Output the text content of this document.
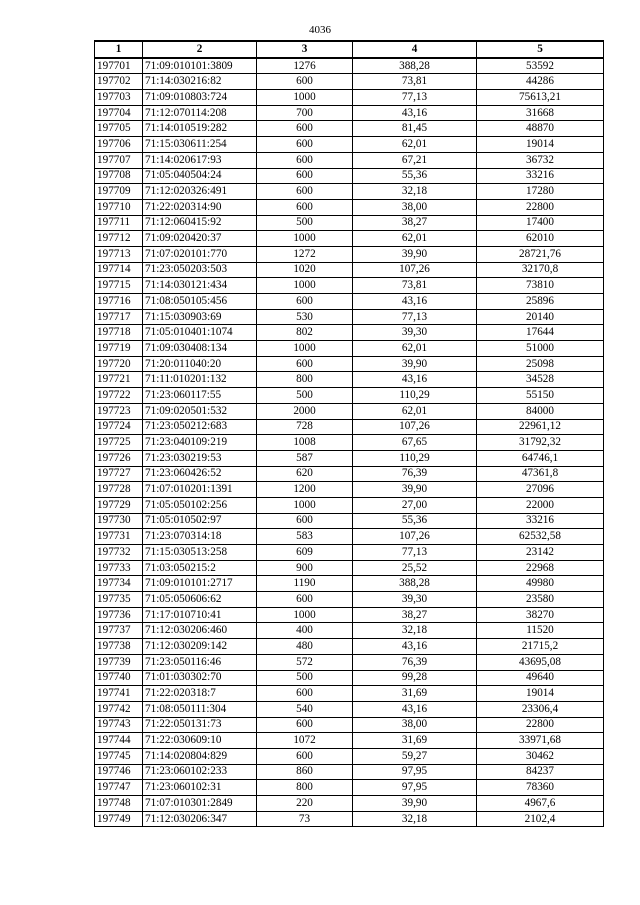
4036
1	2	3	4	5
197701	71:09:010101:3809	1276	388,28	53592
197702	71:14:030216:82	600	73,81	44286
197703	71:09:010803:724	1000	77,13	75613,21
197704	71:12:070114:208	700	43,16	31668
197705	71:14:010519:282	600	81,45	48870
197706	71:15:030611:254	600	62,01	19014
197707	71:14:020617:93	600	67,21	36732
197708	71:05:040504:24	600	55,36	33216
197709	71:12:020326:491	600	32,18	17280
197710	71:22:020314:90	600	38,00	22800
197711	71:12:060415:92	500	38,27	17400
197712	71:09:020420:37	1000	62,01	62010
197713	71:07:020101:770	1272	39,90	28721,76
197714	71:23:050203:503	1020	107,26	32170,8
197715	71:14:030121:434	1000	73,81	73810
197716	71:08:050105:456	600	43,16	25896
197717	71:15:030903:69	530	77,13	20140
197718	71:05:010401:1074	802	39,30	17644
197719	71:09:030408:134	1000	62,01	51000
197720	71:20:011040:20	600	39,90	25098
197721	71:11:010201:132	800	43,16	34528
197722	71:23:060117:55	500	110,29	55150
197723	71:09:020501:532	2000	62,01	84000
197724	71:23:050212:683	728	107,26	22961,12
197725	71:23:040109:219	1008	67,65	31792,32
197726	71:23:030219:53	587	110,29	64746,1
197727	71:23:060426:52	620	76,39	47361,8
197728	71:07:010201:1391	1200	39,90	27096
197729	71:05:050102:256	1000	27,00	22000
197730	71:05:010502:97	600	55,36	33216
197731	71:23:070314:18	583	107,26	62532,58
197732	71:15:030513:258	609	77,13	23142
197733	71:03:050215:2	900	25,52	22968
197734	71:09:010101:2717	1190	388,28	49980
197735	71:05:050606:62	600	39,30	23580
197736	71:17:010710:41	1000	38,27	38270
197737	71:12:030206:460	400	32,18	11520
197738	71:12:030209:142	480	43,16	21715,2
197739	71:23:050116:46	572	76,39	43695,08
197740	71:01:030302:70	500	99,28	49640
197741	71:22:020318:7	600	31,69	19014
197742	71:08:050111:304	540	43,16	23306,4
197743	71:22:050131:73	600	38,00	22800
197744	71:22:030609:10	1072	31,69	33971,68
197745	71:14:020804:829	600	59,27	30462
197746	71:23:060102:233	860	97,95	84237
197747	71:23:060102:31	800	97,95	78360
197748	71:07:010301:2849	220	39,90	4967,6
197749	71:12:030206:347	73	32,18	2102,4
